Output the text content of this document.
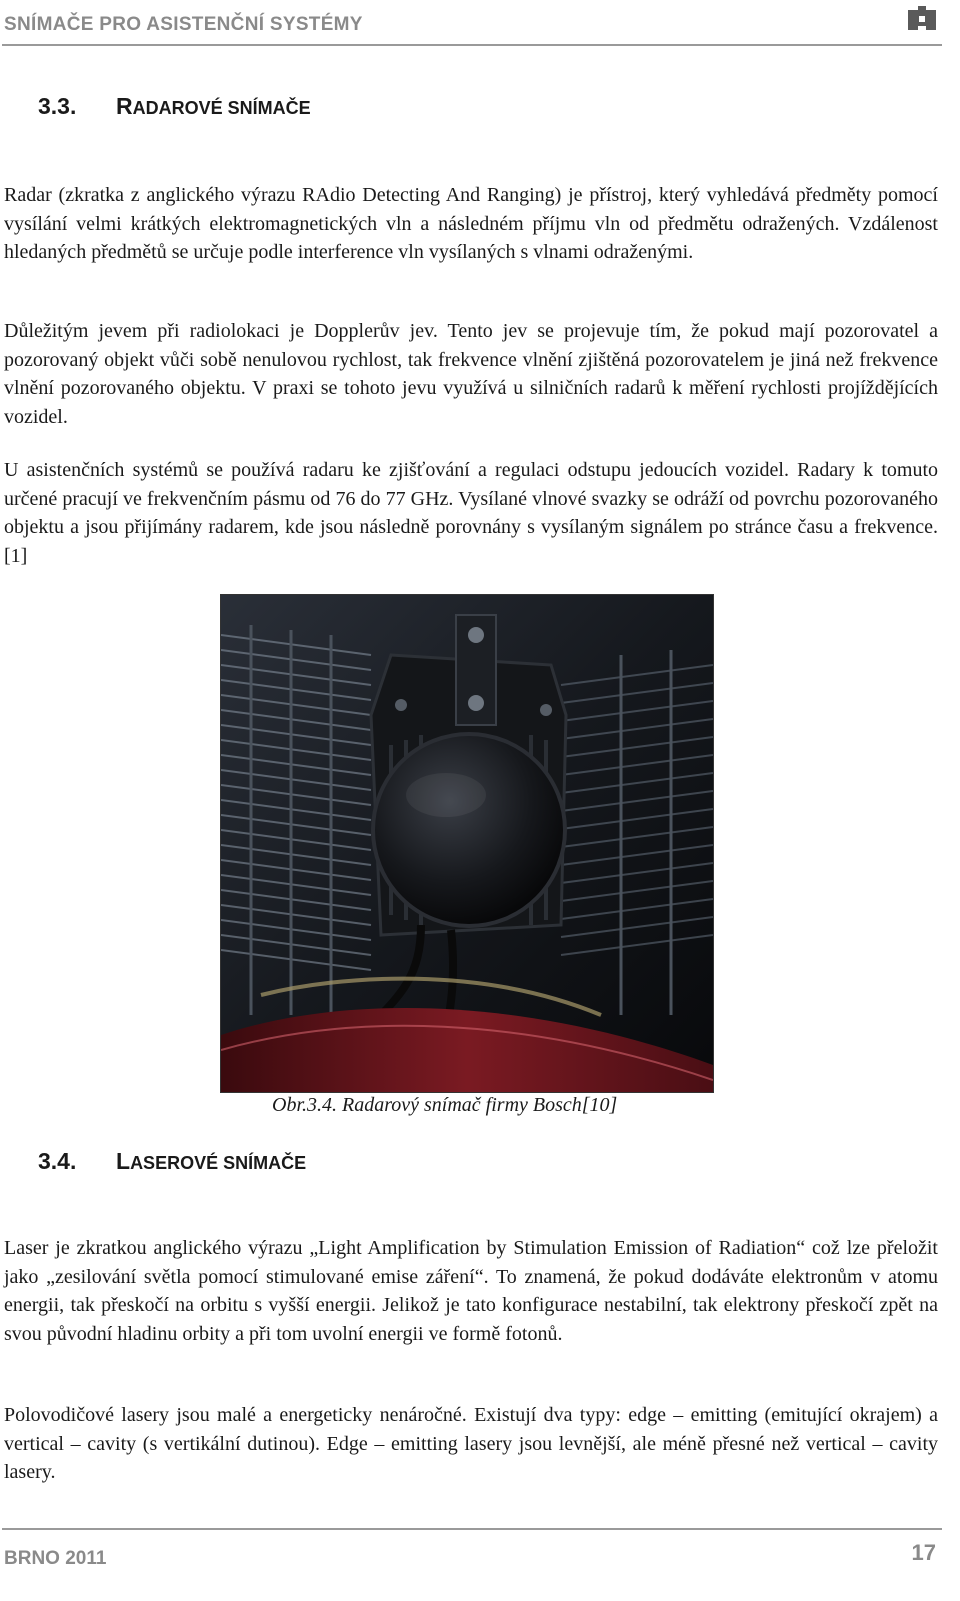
SNÍMAČE PRO ASISTENČNÍ SYSTÉMY
3.3. RADAROVÉ SNÍMAČE

Radar (zkratka z anglického výrazu RAdio Detecting And Ranging) je přístroj, který vyhledává předměty pomocí vysílání velmi krátkých elektromagnetických vln a následném příjmu vln od předmětu odražených. Vzdálenost hledaných předmětů se určuje podle interference vln vysílaných s vlnami odraženými.

Důležitým jevem při radiolokaci je Dopplerův jev. Tento jev se projevuje tím, že pokud mají pozorovatel a pozorovaný objekt vůči sobě nenulovou rychlost, tak frekvence vlnění zjištěná pozorovatelem je jiná než frekvence vlnění pozorovaného objektu. V praxi se tohoto jevu využívá u silničních radarů k měření rychlosti projíždějících vozidel.

U asistenčních systémů se používá radaru ke zjišťování a regulaci odstupu jedoucích vozidel. Radary k tomuto určené pracují ve frekvenčním pásmu od 76 do 77 GHz. Vysílané vlnové svazky se odráží od povrchu pozorovaného objektu a jsou přijímány radarem, kde jsou následně porovnány s vysílaným signálem po stránce času a frekvence.[1]

Obr.3.4. Radarový snímač firmy Bosch[10]
3.4. LASEROVÉ SNÍMAČE

Laser je zkratkou anglického výrazu „Light Amplification by Stimulation Emission of Radiation“ což lze přeložit jako „zesilování světla pomocí stimulované emise záření“. To znamená, že pokud dodáváte elektronům v atomu energii, tak přeskočí na orbitu s vyšší energii. Jelikož je tato konfigurace nestabilní, tak elektrony přeskočí zpět na svou původní hladinu orbity a při tom uvolní energii ve formě fotonů.

Polovodičové lasery jsou malé a energeticky nenáročné. Existují dva typy: edge – emitting (emitující okrajem) a vertical – cavity (s vertikální dutinou). Edge – emitting lasery jsou levnější, ale méně přesné než vertical – cavity lasery.

BRNO 2011	17
